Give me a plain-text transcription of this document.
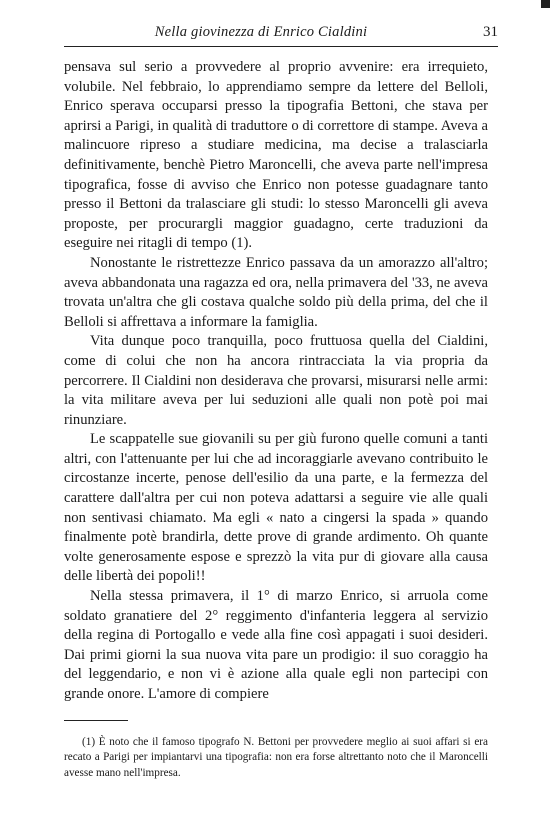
Nella giovinezza di Enrico Cialdini	31

pensava sul serio a provvedere al proprio avvenire: era irrequieto, volubile. Nel febbraio, lo apprendiamo sempre da lettere del Belloli, Enrico sperava occuparsi presso la tipografia Bettoni, che stava per aprirsi a Parigi, in qualità di traduttore o di correttore di stampe. Aveva a malincuore ripreso a studiare medicina, ma decise a tralasciarla definitivamente, benchè Pietro Maroncelli, che aveva parte nell'impresa tipografica, fosse di avviso che Enrico non potesse guadagnare tanto presso il Bettoni da tralasciare gli studi: lo stesso Maroncelli gli aveva proposte, per procurargli maggior guadagno, certe traduzioni da eseguire nei ritagli di tempo (1).

Nonostante le ristrettezze Enrico passava da un amorazzo all'altro; aveva abbandonata una ragazza ed ora, nella primavera del '33, ne aveva trovata un'altra che gli costava qualche soldo più della prima, del che il Belloli si affrettava a informare la famiglia.

Vita dunque poco tranquilla, poco fruttuosa quella del Cialdini, come di colui che non ha ancora rintracciata la via propria da percorrere. Il Cialdini non desiderava che provarsi, misurarsi nelle armi: la vita militare aveva per lui seduzioni alle quali non potè poi mai rinunziare.

Le scappatelle sue giovanili su per giù furono quelle comuni a tanti altri, con l'attenuante per lui che ad incoraggiarle avevano contribuito le circostanze incerte, penose dell'esilio da una parte, e la fermezza del carattere dall'altra per cui non poteva adattarsi a seguire vie alle quali non sentivasi chiamato. Ma egli « nato a cingersi la spada » quando finalmente potè brandirla, dette prove di grande ardimento. Oh quante volte generosamente espose e sprezzò la vita pur di giovare alla causa delle libertà dei popoli!!

Nella stessa primavera, il 1° di marzo Enrico, si arruola come soldato granatiere del 2° reggimento d'infanteria leggera al servizio della regina di Portogallo e vede alla fine così appagati i suoi desideri. Dai primi giorni la sua nuova vita pare un prodigio: il suo coraggio ha del leggendario, e non vi è azione alla quale egli non partecipi con grande onore. L'amore di compiere

(1) È noto che il famoso tipografo N. Bettoni per provvedere meglio ai suoi affari si era recato a Parigi per impiantarvi una tipografia: non era forse altrettanto noto che il Maroncelli avesse mano nell'impresa.
